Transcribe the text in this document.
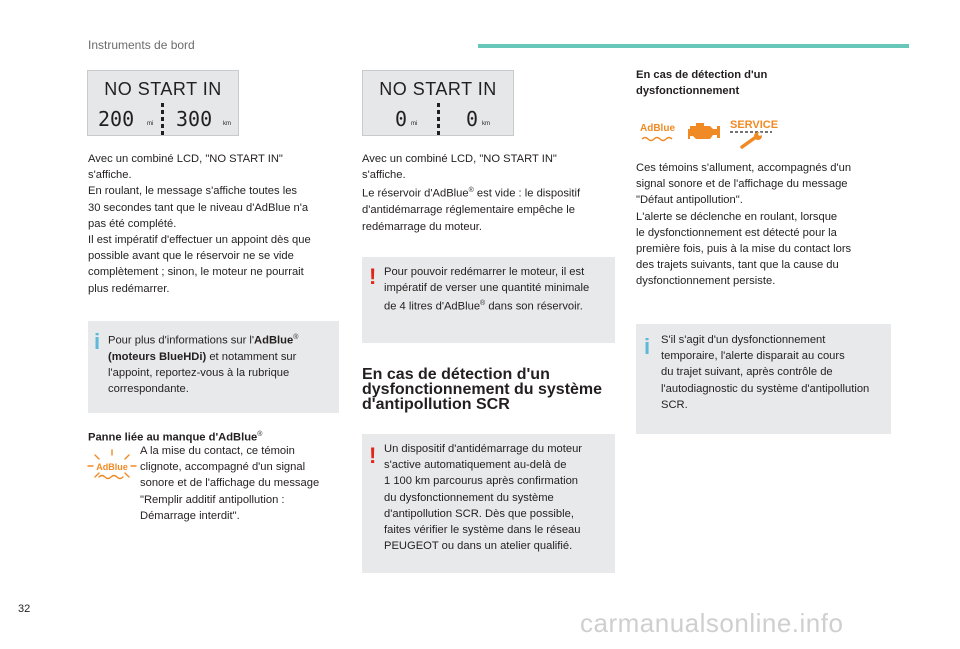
Instruments de bord
NO START IN
200 mi 300 km

Avec un combiné LCD, "NO START IN"

s'affiche.

En roulant, le message s'affiche toutes les

30 secondes tant que le niveau d'AdBlue n'a

pas été complété.

Il est impératif d'effectuer un appoint dès que

possible avant que le réservoir ne se vide

complètement ; sinon, le moteur ne pourrait

plus redémarrer.

i Pour plus d'informations sur l'AdBlue®
(moteurs BlueHDi) et notamment sur
l'appoint, reportez-vous à la rubrique
correspondante.
Panne liée au manque d'AdBlue®
AdBlue

A la mise du contact, ce témoin

clignote, accompagné d'un signal

sonore et de l'affichage du message

"Remplir additif antipollution :

Démarrage interdit".

NO START IN
0 mi 0 km

Avec un combiné LCD, "NO START IN"

s'affiche.

Le réservoir d'AdBlue® est vide : le dispositif

d'antidémarrage réglementaire empêche le

redémarrage du moteur.

! Pour pouvoir redémarrer le moteur, il est
impératif de verser une quantité minimale
de 4 litres d'AdBlue® dans son réservoir.
En cas de détection d'un
dysfonctionnement du système
d'antipollution SCR
! Un dispositif d'antidémarrage du moteur
s'active automatiquement au-delà de
1 100 km parcourus après confirmation
du dysfonctionnement du système
d'antipollution SCR. Dès que possible,
faites vérifier le système dans le réseau
PEUGEOT ou dans un atelier qualifié.
En cas de détection d'un
dysfonctionnement
AdBlue	SERVICE

Ces témoins s'allument, accompagnés d'un

signal sonore et de l'affichage du message

"Défaut antipollution".

L'alerte se déclenche en roulant, lorsque

le dysfonctionnement est détecté pour la

première fois, puis à la mise du contact lors

des trajets suivants, tant que la cause du

dysfonctionnement persiste.

i S'il s'agit d'un dysfonctionnement
temporaire, l'alerte disparait au cours
du trajet suivant, après contrôle de
l'autodiagnostic du système d'antipollution
SCR.
32	carmanualsonline.info
